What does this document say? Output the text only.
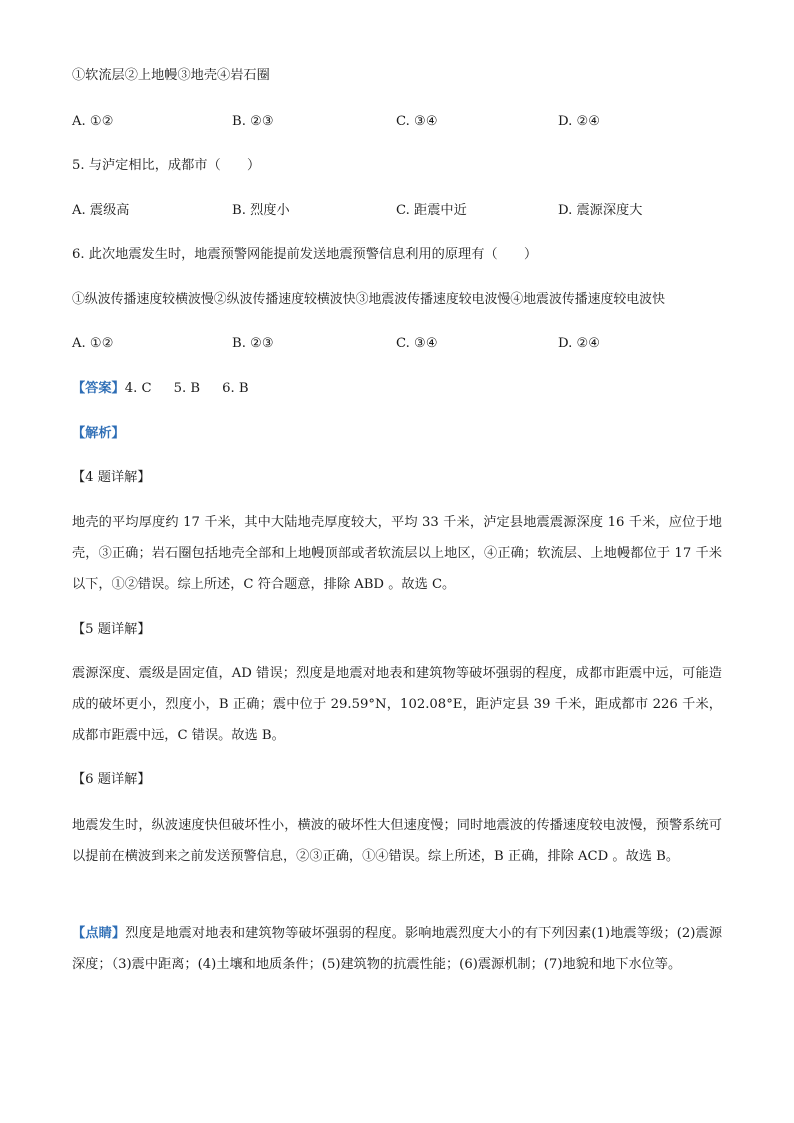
①软流层②上地幔③地壳④岩石圈
A. ①②	B. ②③	C. ③④	D. ②④
5. 与泸定相比，成都市（　　）
A. 震级高	B. 烈度小	C. 距震中近	D. 震源深度大
6. 此次地震发生时，地震预警网能提前发送地震预警信息利用的原理有（　　）
①纵波传播速度较横波慢②纵波传播速度较横波快③地震波传播速度较电波慢④地震波传播速度较电波快
A. ①②	B. ②③	C. ③④	D. ②④
【答案】4. C 5. B 6. B
【解析】
【4 题详解】

地壳的平均厚度约 17 千米，其中大陆地壳厚度较大，平均 33 千米，泸定县地震震源深度 16 千米，应位于地壳，③正确；岩石圈包括地壳全部和上地幔顶部或者软流层以上地区，④正确；软流层、上地幔都位于 17 千米以下，①②错误。综上所述，C 符合题意，排除 ABD 。故选 C。

【5 题详解】

震源深度、震级是固定值，AD 错误；烈度是地震对地表和建筑物等破坏强弱的程度，成都市距震中远，可能造成的破坏更小，烈度小，B 正确；震中位于 29.59°N，102.08°E，距泸定县 39 千米，距成都市 226 千米，成都市距震中远，C 错误。故选 B。

【6 题详解】

地震发生时，纵波速度快但破坏性小，横波的破坏性大但速度慢；同时地震波的传播速度较电波慢，预警系统可以提前在横波到来之前发送预警信息，②③正确，①④错误。综上所述，B 正确，排除 ACD 。故选 B。

【点睛】烈度是地震对地表和建筑物等破坏强弱的程度。影响地震烈度大小的有下列因素(1)地震等级；(2)震源深度；（3)震中距离；(4)土壤和地质条件；(5)建筑物的抗震性能；(6)震源机制；(7)地貌和地下水位等。
